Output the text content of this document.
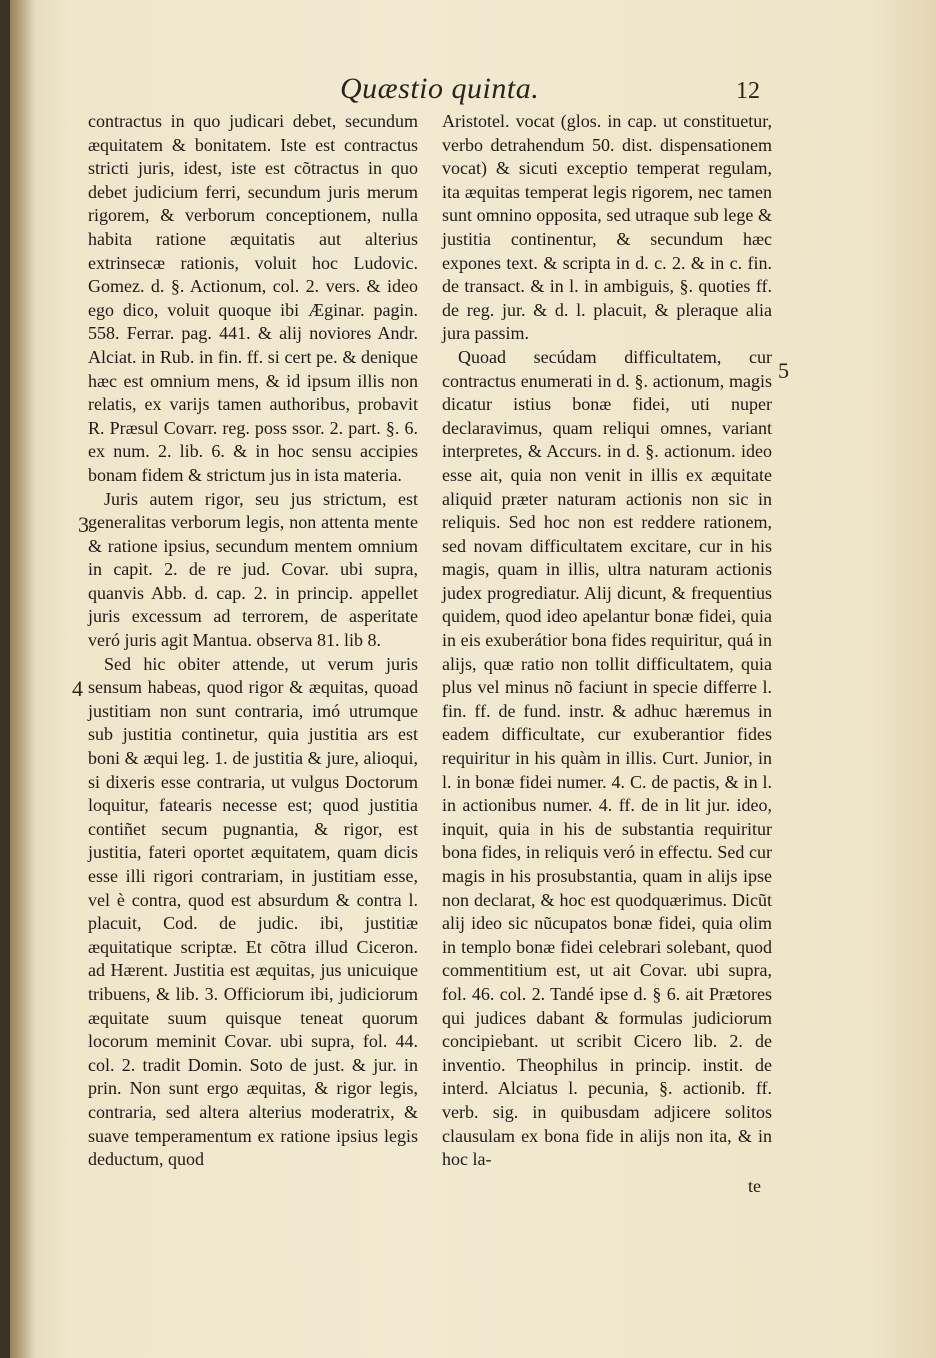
Quæstio quinta.	12

contractus in quo judicari debet, secundum æquitatem & bonitatem. Iste est contractus stricti juris, idest, iste est cõtractus in quo debet judicium ferri, secundum juris merum rigorem, & verborum conceptionem, nulla habita ratione æquitatis aut alterius extrinsecæ rationis, voluit hoc Ludovic. Gomez. d. §. Actionum, col. 2. vers. & ideo ego dico, voluit quoque ibi Æginar. pagin. 558. Ferrar. pag. 441. & alij noviores Andr. Alciat. in Rub. in fin. ff. si cert pe. & denique hæc est omnium mens, & id ipsum illis non relatis, ex varijs tamen authoribus, probavit R. Præsul Covarr. reg. poss ssor. 2. part. §. 6. ex num. 2. lib. 6. & in hoc sensu accipies bonam fidem & strictum jus in ista materia.

Juris autem rigor, seu jus strictum, est generalitas verborum legis, non attenta mente & ratione ipsius, secundum mentem omnium in capit. 2. de re jud. Covar. ubi supra, quanvis Abb. d. cap. 2. in princip. appellet juris excessum ad terrorem, de asperitate veró juris agit Mantua. observa 81. lib 8.

Sed hic obiter attende, ut verum juris sensum habeas, quod rigor & æquitas, quoad justitiam non sunt contraria, imó utrumque sub justitia continetur, quia justitia ars est boni & æqui leg. 1. de justitia & jure, alioqui, si dixeris esse contraria, ut vulgus Doctorum loquitur, fatearis necesse est; quod justitia contiñet secum pugnantia, & rigor, est justitia, fateri oportet æquitatem, quam dicis esse illi rigori contrariam, in justitiam esse, vel è contra, quod est absurdum & contra l. placuit, Cod. de judic. ibi, justitiæ æquitatique scriptæ. Et cõtra illud Ciceron. ad Hærent. Justitia est æquitas, jus unicuique tribuens, & lib. 3. Officiorum ibi, judiciorum æquitate suum quisque teneat quorum locorum meminit Covar. ubi supra, fol. 44. col. 2. tradit Domin. Soto de just. & jur. in prin. Non sunt ergo æquitas, & rigor legis, contraria, sed altera alterius moderatrix, & suave temperamentum ex ratione ipsius legis deductum, quod

3
4

Aristotel. vocat (glos. in cap. ut constituetur, verbo detrahendum 50. dist. dispensationem vocat) & sicuti exceptio temperat regulam, ita æquitas temperat legis rigorem, nec tamen sunt omnino opposita, sed utraque sub lege & justitia continentur, & secundum hæc expones text. & scripta in d. c. 2. & in c. fin. de transact. & in l. in ambiguis, §. quoties ff. de reg. jur. & d. l. placuit, & pleraque alia jura passim.

Quoad secúdam difficultatem, cur contractus enumerati in d. §. actionum, magis dicatur istius bonæ fidei, uti nuper declaravimus, quam reliqui omnes, variant interpretes, & Accurs. in d. §. actionum. ideo esse ait, quia non venit in illis ex æquitate aliquid præter naturam actionis non sic in reliquis. Sed hoc non est reddere rationem, sed novam difficultatem excitare, cur in his magis, quam in illis, ultra naturam actionis judex progrediatur. Alij dicunt, & frequentius quidem, quod ideo apelantur bonæ fidei, quia in eis exuberátior bona fides requiritur, quá in alijs, quæ ratio non tollit difficultatem, quia plus vel minus nõ faciunt in specie differre l. fin. ff. de fund. instr. & adhuc hæremus in eadem difficultate, cur exuberantior fides requiritur in his quàm in illis. Curt. Junior, in l. in bonæ fidei numer. 4. C. de pactis, & in l. in actionibus numer. 4. ff. de in lit jur. ideo, inquit, quia in his de substantia requiritur bona fides, in reliquis veró in effectu. Sed cur magis in his prosubstantia, quam in alijs ipse non declarat, & hoc est quodquærimus. Dicũt alij ideo sic nũcupatos bonæ fidei, quia olim in templo bonæ fidei celebrari solebant, quod commentitium est, ut ait Covar. ubi supra, fol. 46. col. 2. Tandé ipse d. § 6. ait Prætores qui judices dabant & formulas judiciorum concipiebant. ut scribit Cicero lib. 2. de inventio. Theophilus in princip. instit. de interd. Alciatus l. pecunia, §. actionib. ff. verb. sig. in quibusdam adjicere solitos clausulam ex bona fide in alijs non ita, & in hoc la-

5
te
